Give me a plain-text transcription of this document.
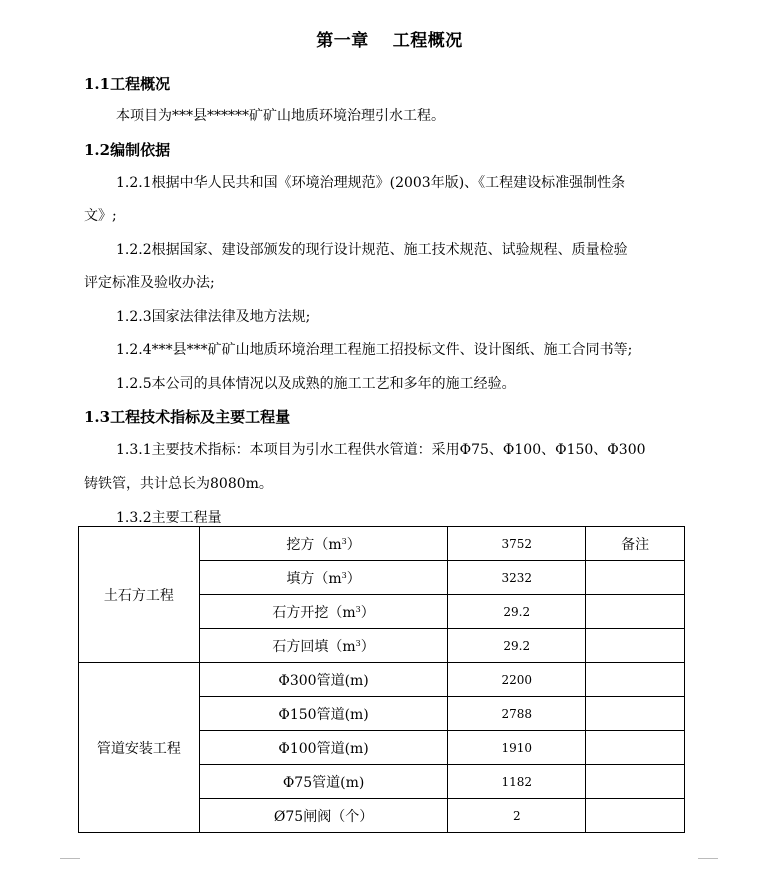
第一章　 工程概况
1.1工程概况
本项目为***县******矿矿山地质环境治理引水工程。
1.2编制依据
1.2.1根据中华人民共和国《环境治理规范》(2003年版)、《工程建设标准强制性条
文》;
1.2.2根据国家、建设部颁发的现行设计规范、施工技术规范、试验规程、质量检验
评定标准及验收办法;
1.2.3国家法律法律及地方法规;
1.2.4***县***矿矿山地质环境治理工程施工招投标文件、设计图纸、施工合同书等;
1.2.5本公司的具体情况以及成熟的施工工艺和多年的施工经验。
1.3工程技术指标及主要工程量
1.3.1主要技术指标：本项目为引水工程供水管道：采用Φ75、Φ100、Φ150、Φ300
铸铁管，共计总长为8080m。
1.3.2主要工程量
土石方工程	挖方$(m^3)$	3752	备注
	填方$(m^3)$	3232	
	石方开挖$(m^3)$	29.2	
	石方回填$(m^3)$	29.2	
管道安装工程	Φ300管道(m)	2200	
	Φ150管道(m)	2788	
	Φ100管道(m)	1910	
	Φ75管道(m)	1182	
	Ø75闸阀（个）	2	
